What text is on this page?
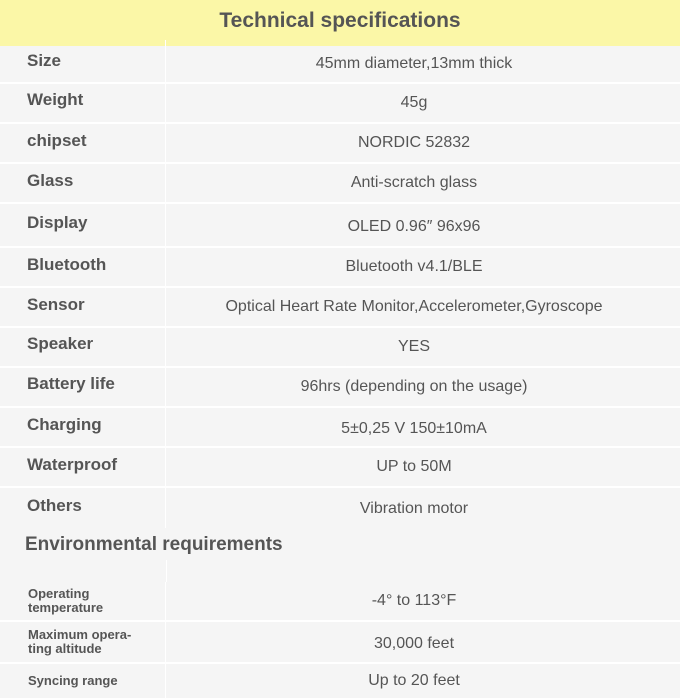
Technical specifications
Size	45mm diameter,13mm thick
Weight	45g
chipset	NORDIC 52832
Glass	Anti-scratch glass
Display	OLED 0.96″ 96x96
Bluetooth	Bluetooth v4.1/BLE
Sensor	Optical Heart Rate Monitor,Accelerometer,Gyroscope
Speaker	YES
Battery life	96hrs (depending on the usage)
Charging	5±0,25 V 150±10mA
Waterproof	UP to 50M
Others	Vibration motor
Environmental requirements
Operating
temperature	-4° to 113°F
Maximum opera-
ting altitude	30,000 feet
Syncing range	Up to 20 feet
